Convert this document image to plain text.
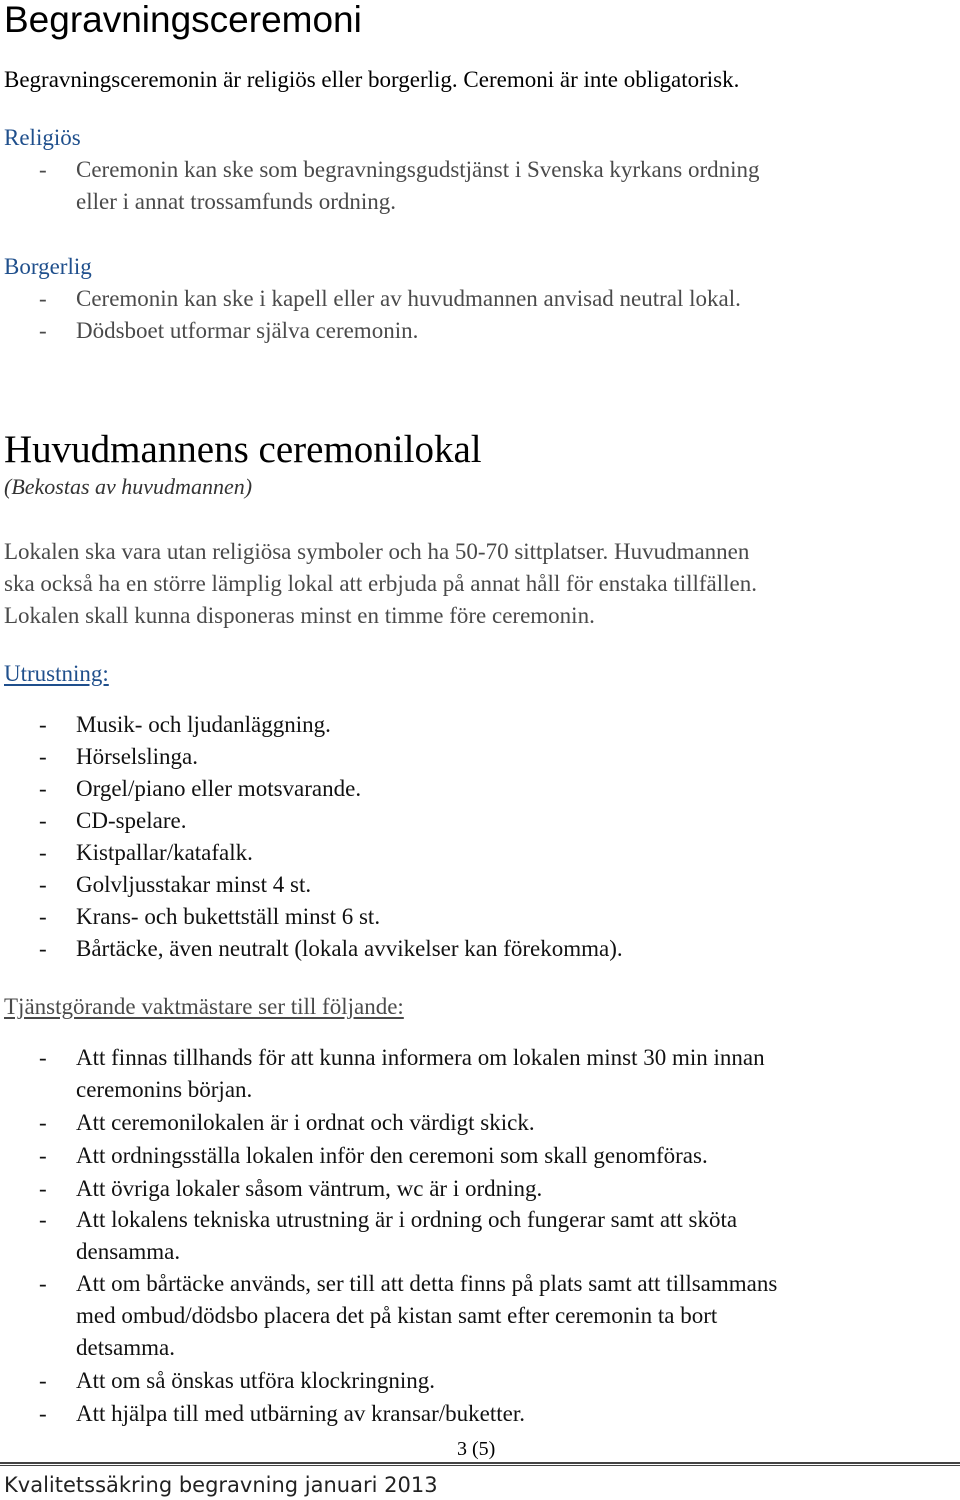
Begravningsceremoni
Begravningsceremonin är religiös eller borgerlig. Ceremoni är inte obligatorisk.
Religiös
- Ceremonin kan ske som begravningsgudstjänst i Svenska kyrkans ordning
eller i annat trossamfunds ordning.
Borgerlig
- Ceremonin kan ske i kapell eller av huvudmannen anvisad neutral lokal.
- Dödsboet utformar själva ceremonin.
Huvudmannens ceremonilokal
(Bekostas av huvudmannen)
Lokalen ska vara utan religiösa symboler och ha 50-70 sittplatser. Huvudmannen
ska också ha en större lämplig lokal att erbjuda på annat håll för enstaka tillfällen.
Lokalen skall kunna disponeras minst en timme före ceremonin.
Utrustning:
- Musik- och ljudanläggning.
- Hörselslinga.
- Orgel/piano eller motsvarande.
- CD-spelare.
- Kistpallar/katafalk.
- Golvljusstakar minst 4 st.
- Krans- och bukettställ minst 6 st.
- Bårtäcke, även neutralt (lokala avvikelser kan förekomma).
Tjänstgörande vaktmästare ser till följande:
- Att finnas tillhands för att kunna informera om lokalen minst 30 min innan
ceremonins början.
- Att ceremonilokalen är i ordnat och värdigt skick.
- Att ordningsställa lokalen inför den ceremoni som skall genomföras.
- Att övriga lokaler såsom väntrum, wc är i ordning.
- Att lokalens tekniska utrustning är i ordning och fungerar samt att sköta
densamma.
- Att om bårtäcke används, ser till att detta finns på plats samt att tillsammans
med ombud/dödsbo placera det på kistan samt efter ceremonin ta bort
detsamma.
- Att om så önskas utföra klockringning.
- Att hjälpa till med utbärning av kransar/buketter.
3 (5)
Kvalitetssäkring begravning januari 2013
